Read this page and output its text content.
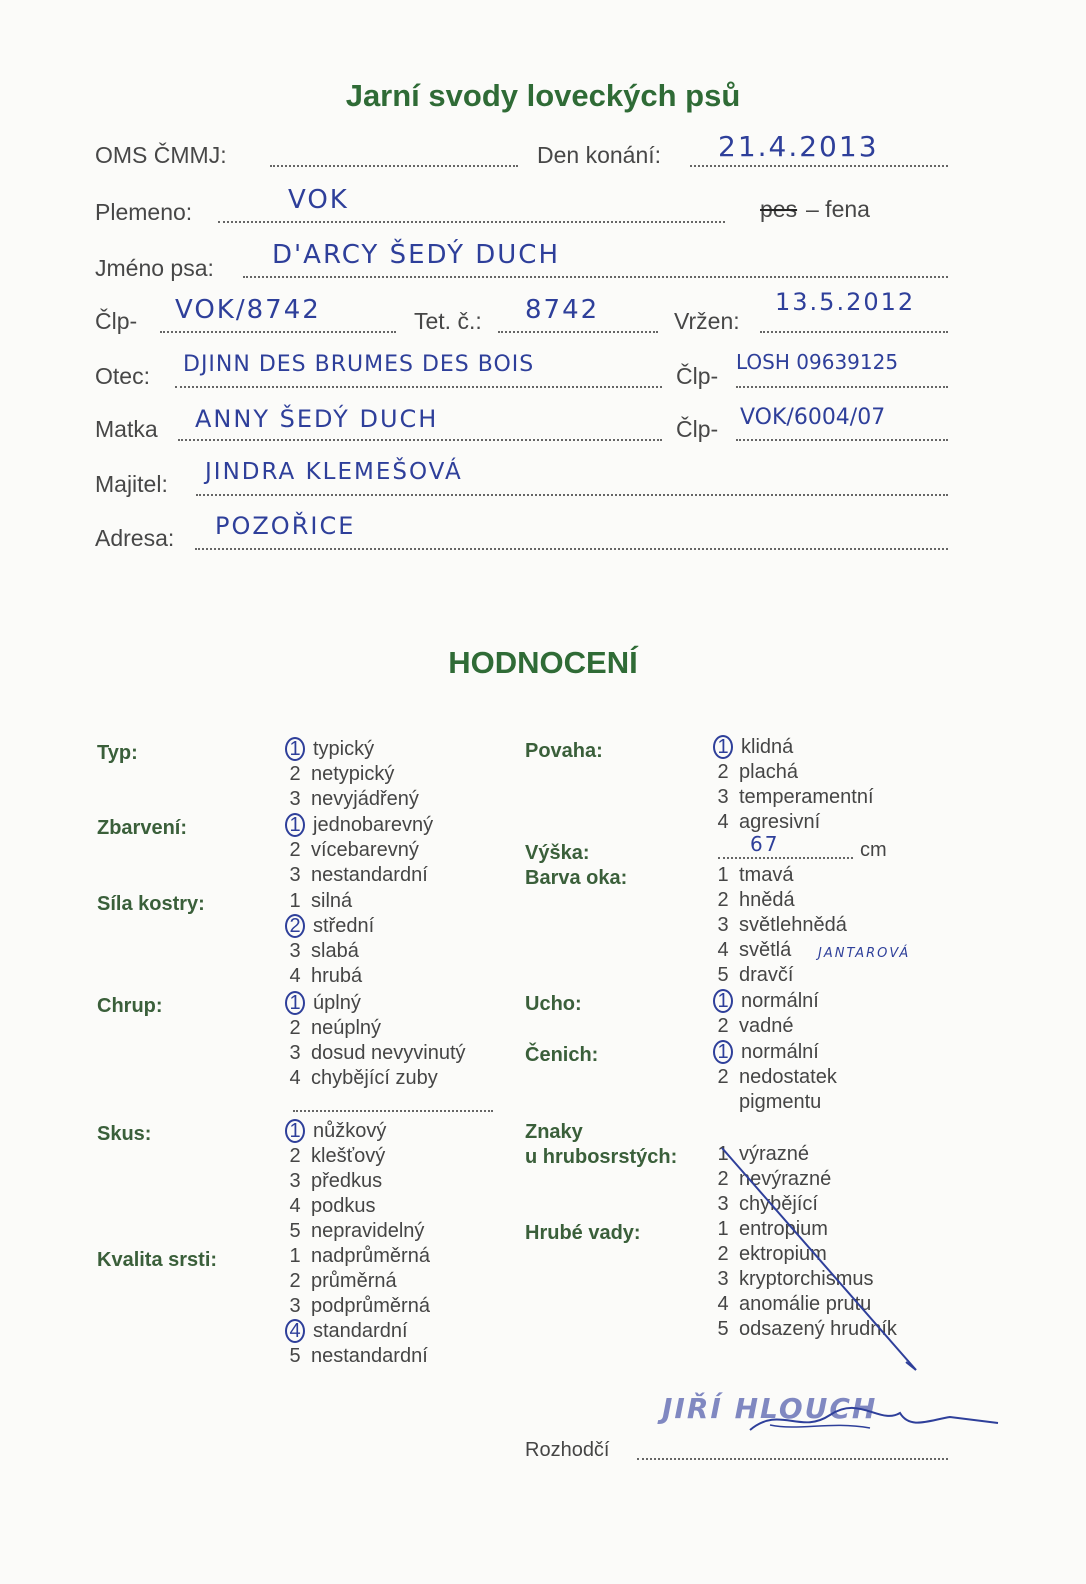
Jarní svody loveckých psů
OMS ČMMJ:	Den konání: 21.4.2013
Plemeno:	VOK	pes – fena
Jméno psa: D'ARCY ŠEDÝ DUCH
Člp- VOK/8742	Tet. č.: 8742	Vržen:
13.5.2012
Otec: DJINN DES BRUMES DES BOIS	Člp-
LOSH 09639125
Matka ANNY ŠEDÝ DUCH	Člp- VOK/6004/07
Majitel: JINDRA KLEMEŠOVÁ
Adresa: POZOŘICE
HODNOCENÍ
Typ:	1 typický
2 netypický
3 nevyjádřený
Zbarvení:	1 jednobarevný
2 vícebarevný
3 nestandardní
Síla kostry:	1 silná
2 střední
3 slabá
4 hrubá
Chrup:	1 úplný
2 neúplný
3 dosud nevyvinutý
4 chybějící zuby
Skus:	1 nůžkový
2 klešťový
3 předkus
4 podkus
5 nepravidelný
Kvalita srsti:	1 nadprůměrná
2 průměrná
3 podprůměrná
4 standardní
5 nestandardní
Povaha:	1 klidná
2 plachá
3 temperamentní
4 agresivní
Výška:	67	cm
Barva oka:	1 tmavá
2 hnědá
3 světlehnědá
4 světlá JANTAROVÁ
5 dravčí
Ucho:	1 normální
2 vadné
Čenich:	1 normální
2 nedostatek
pigmentu
Znaky
u hrubosrstých: 1 výrazné
2 nevýrazné
3 chybějící
Hrubé vady:	1 entropium
2 ektropium
3 kryptorchismus
4 anomálie prutu
5 odsazený hrudník
Rozhodčí
JIŘÍ HLOUCH
